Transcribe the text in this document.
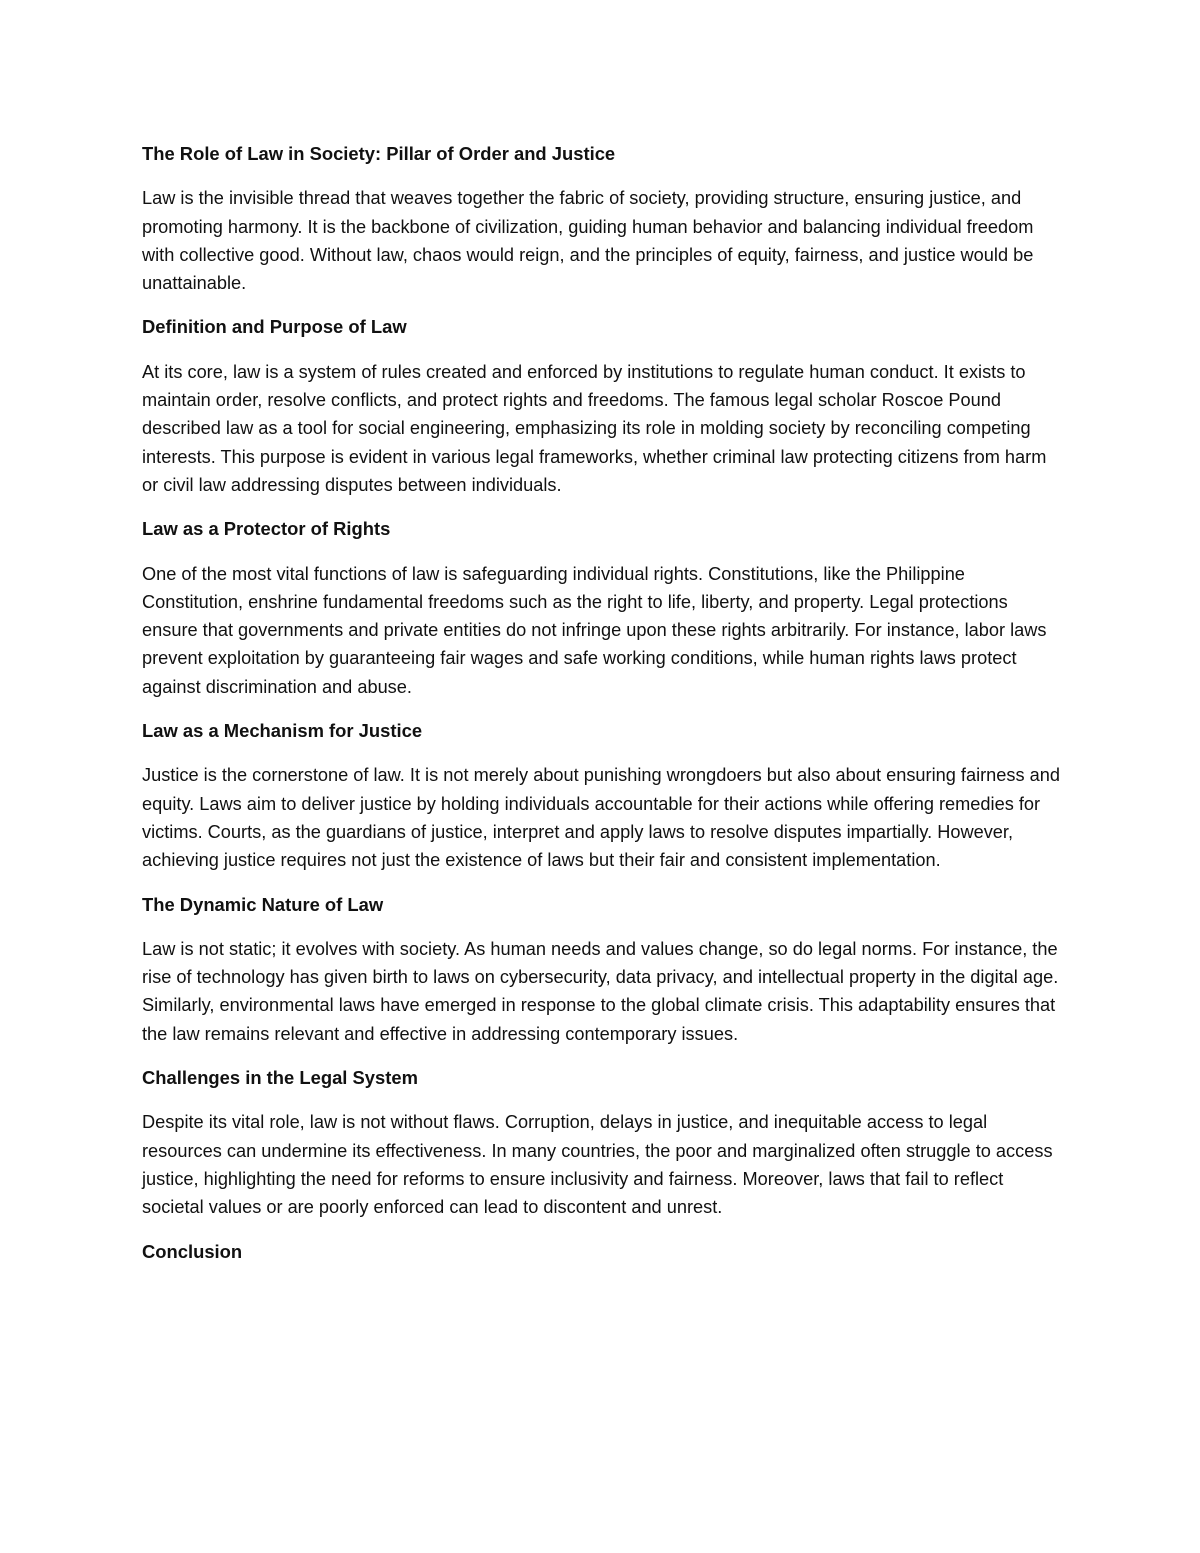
The Role of Law in Society: Pillar of Order and Justice

Law is the invisible thread that weaves together the fabric of society, providing structure, ensuring justice, and promoting harmony. It is the backbone of civilization, guiding human behavior and balancing individual freedom with collective good. Without law, chaos would reign, and the principles of equity, fairness, and justice would be unattainable.

Definition and Purpose of Law

At its core, law is a system of rules created and enforced by institutions to regulate human conduct. It exists to maintain order, resolve conflicts, and protect rights and freedoms. The famous legal scholar Roscoe Pound described law as a tool for social engineering, emphasizing its role in molding society by reconciling competing interests. This purpose is evident in various legal frameworks, whether criminal law protecting citizens from harm or civil law addressing disputes between individuals.

Law as a Protector of Rights

One of the most vital functions of law is safeguarding individual rights. Constitutions, like the Philippine Constitution, enshrine fundamental freedoms such as the right to life, liberty, and property. Legal protections ensure that governments and private entities do not infringe upon these rights arbitrarily. For instance, labor laws prevent exploitation by guaranteeing fair wages and safe working conditions, while human rights laws protect against discrimination and abuse.

Law as a Mechanism for Justice

Justice is the cornerstone of law. It is not merely about punishing wrongdoers but also about ensuring fairness and equity. Laws aim to deliver justice by holding individuals accountable for their actions while offering remedies for victims. Courts, as the guardians of justice, interpret and apply laws to resolve disputes impartially. However, achieving justice requires not just the existence of laws but their fair and consistent implementation.

The Dynamic Nature of Law

Law is not static; it evolves with society. As human needs and values change, so do legal norms. For instance, the rise of technology has given birth to laws on cybersecurity, data privacy, and intellectual property in the digital age. Similarly, environmental laws have emerged in response to the global climate crisis. This adaptability ensures that the law remains relevant and effective in addressing contemporary issues.

Challenges in the Legal System

Despite its vital role, law is not without flaws. Corruption, delays in justice, and inequitable access to legal resources can undermine its effectiveness. In many countries, the poor and marginalized often struggle to access justice, highlighting the need for reforms to ensure inclusivity and fairness. Moreover, laws that fail to reflect societal values or are poorly enforced can lead to discontent and unrest.

Conclusion
